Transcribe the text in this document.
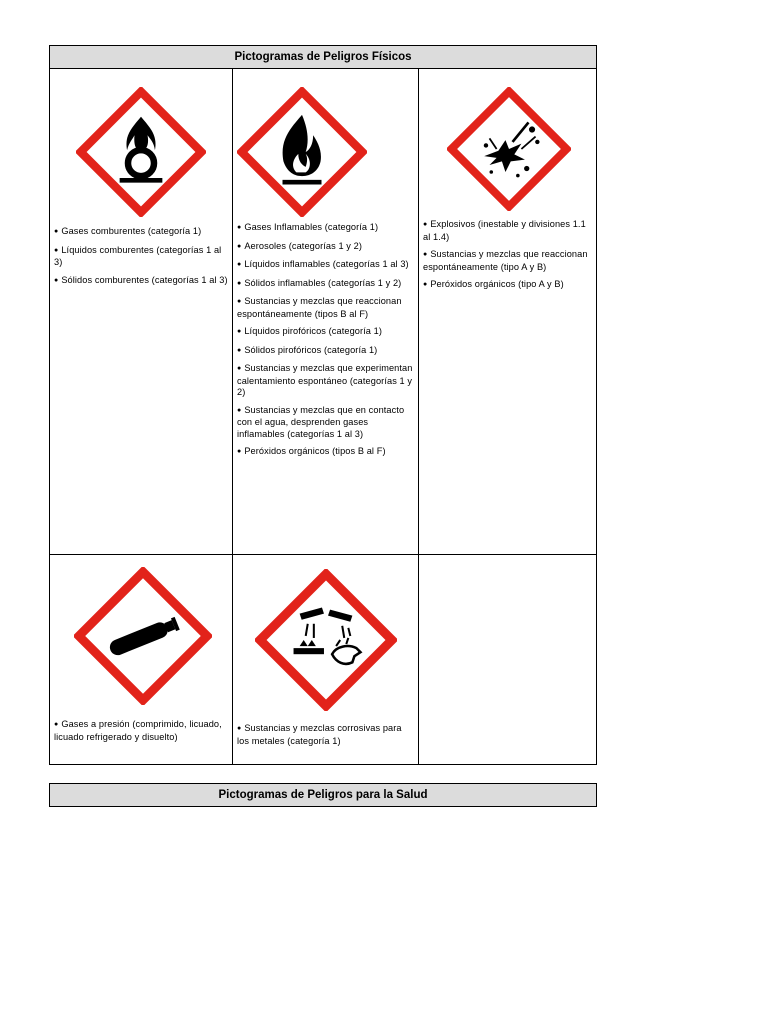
Pictogramas de Peligros Físicos
● Gases comburentes (categoría 1)
● Líquidos comburentes (categorías 1 al 3)
● Sólidos comburentes (categorías 1 al 3)
● Gases Inflamables (categoría 1)
● Aerosoles (categorías 1 y 2)
● Líquidos inflamables (categorías 1 al 3)
● Sólidos inflamables (categorías 1 y 2)
● Sustancias y mezclas que reaccionan espontáneamente (tipos B al F)
● Líquidos pirofóricos (categoría 1)
● Sólidos pirofóricos (categoría 1)
● Sustancias y mezclas que experimentan calentamiento espontáneo (categorías 1 y 2)
● Sustancias y mezclas que en contacto con el agua, desprenden gases inflamables (categorías 1 al 3)
● Peróxidos orgánicos (tipos B al F)
● Explosivos (inestable y divisiones 1.1 al 1.4)
● Sustancias y mezclas que reaccionan espontáneamente (tipo A y B)
● Peróxidos orgánicos (tipo A y B)
● Gases a presión (comprimido, licuado, licuado refrigerado y disuelto)
● Sustancias y mezclas corrosivas para los metales (categoría 1)
Pictogramas de Peligros para la Salud
